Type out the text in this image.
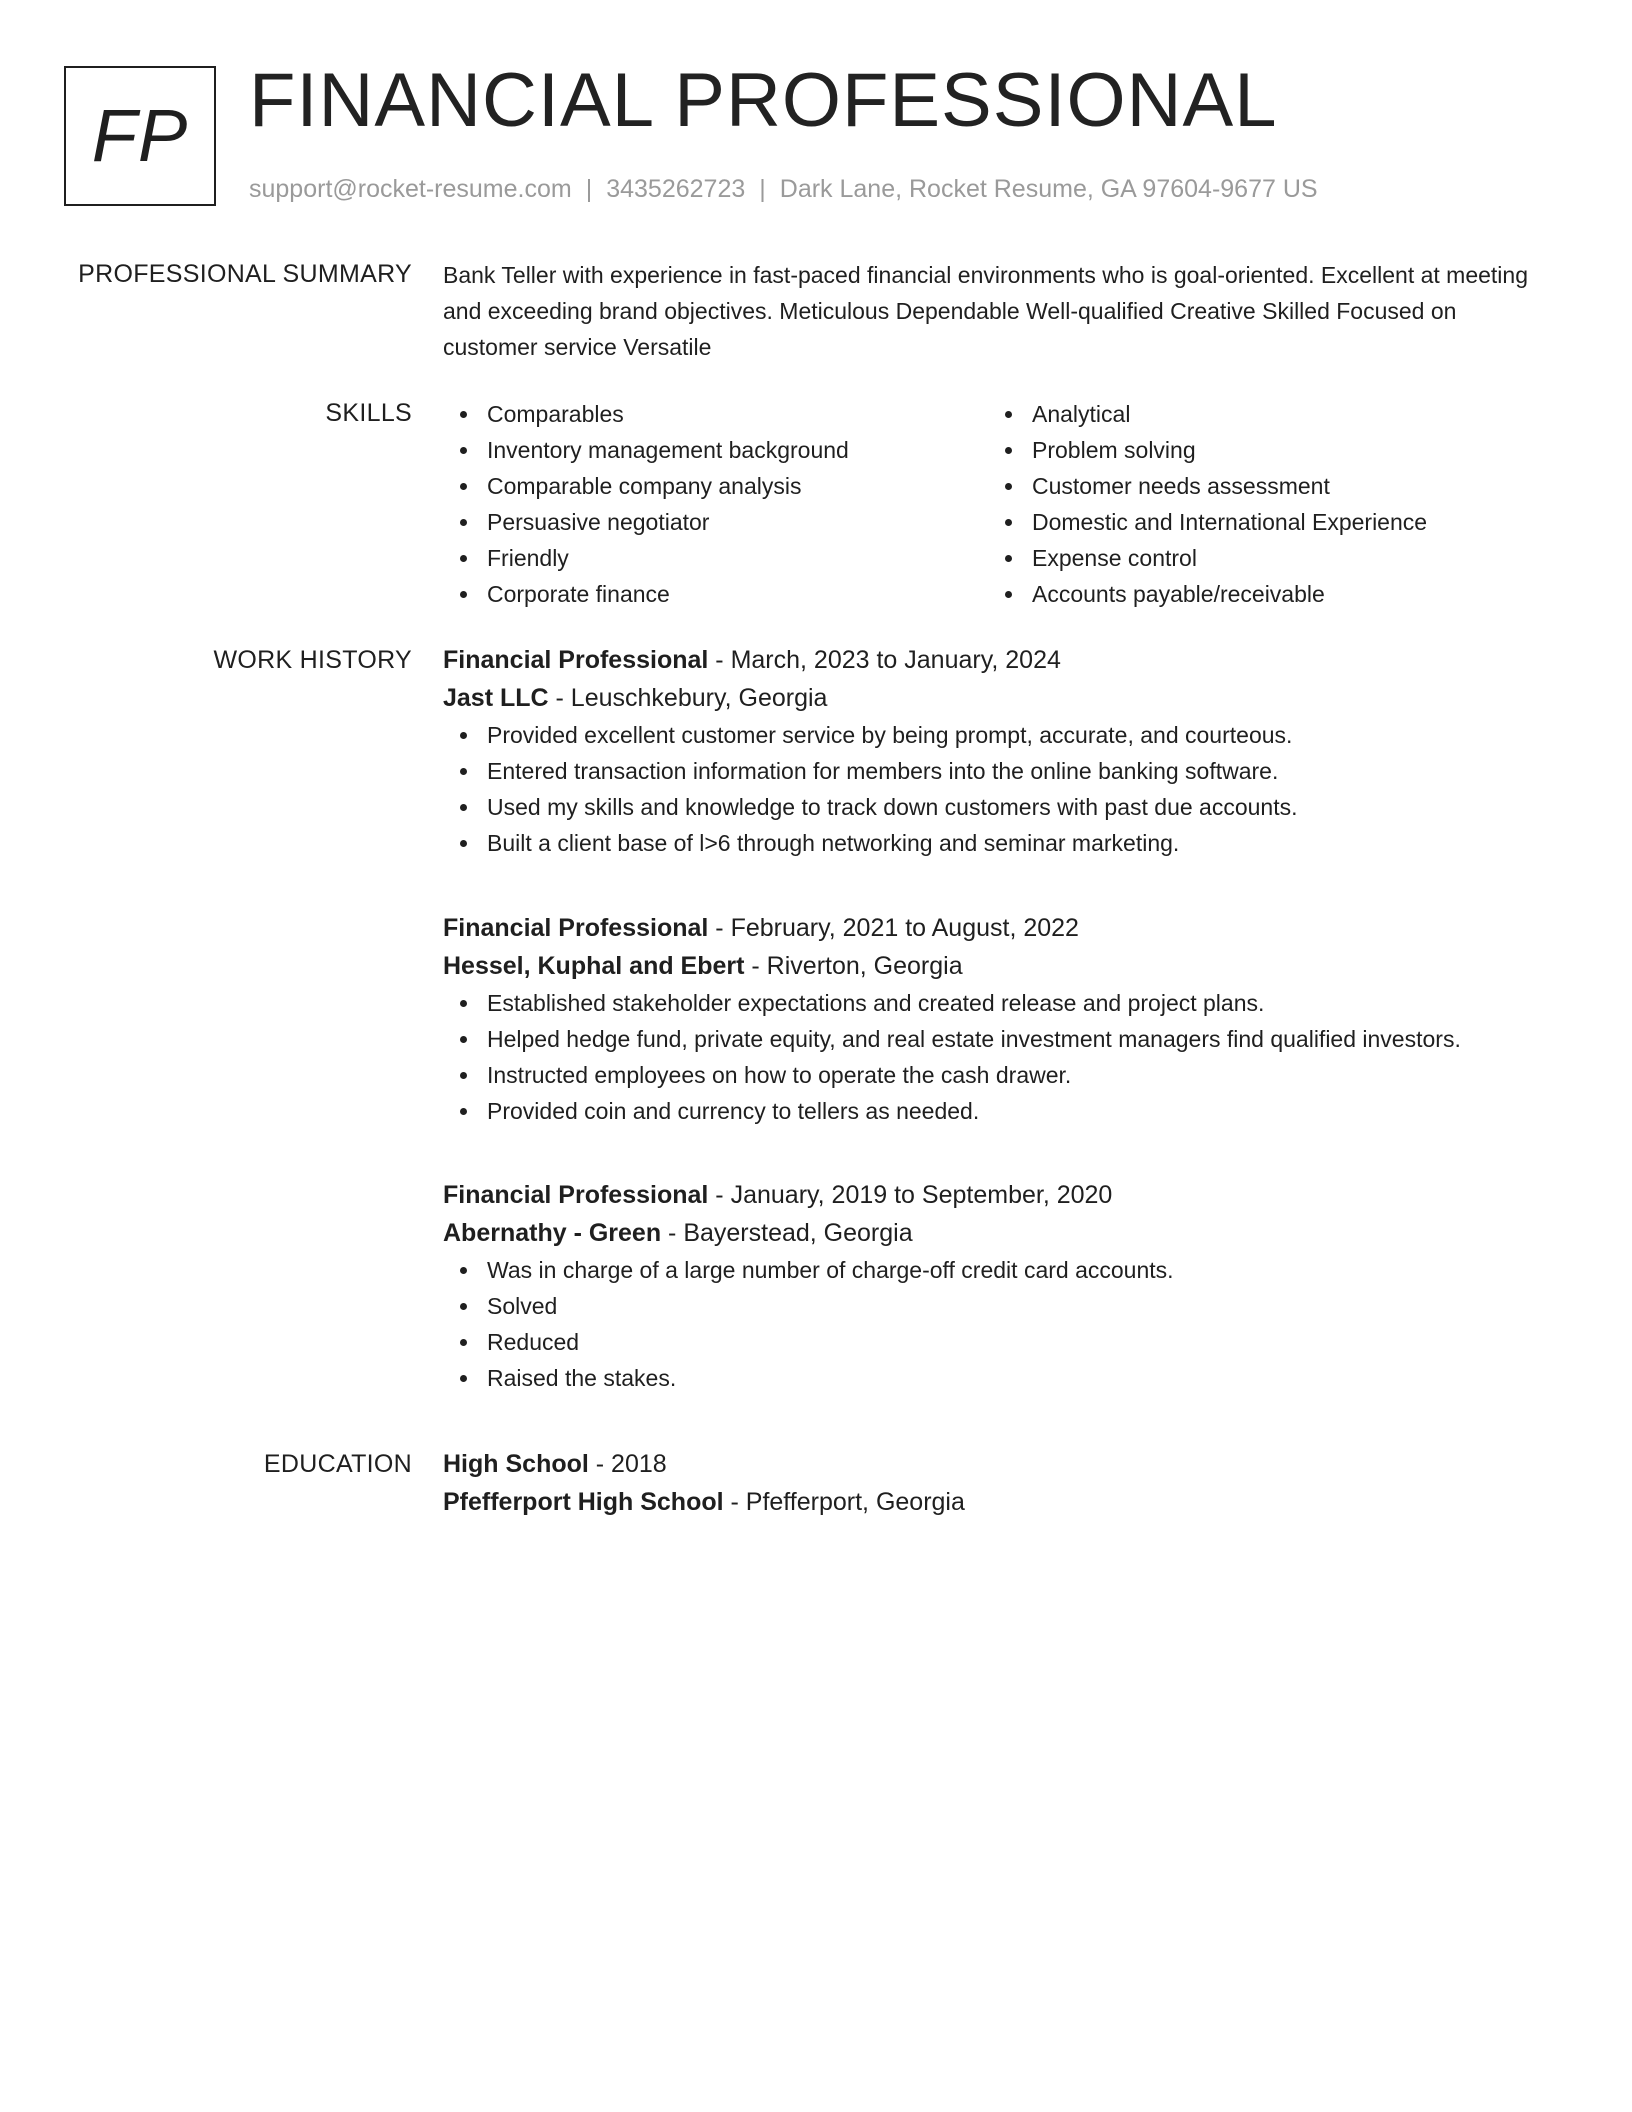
FP FINANCIAL PROFESSIONAL
support@rocket-resume.com | 3435262723 | Dark Lane, Rocket Resume, GA 97604-9677 US
PROFESSIONAL SUMMARY Bank Teller with experience in fast-paced financial environments who is goal-oriented. Excellent at meeting and exceeding brand objectives. Meticulous Dependable Well-qualified Creative Skilled Focused on customer service Versatile

SKILLS	Comparables
Inventory management background
Comparable company analysis
Persuasive negotiator
Friendly
Corporate finance
Analytical
Problem solving
Customer needs assessment
Domestic and International Experience
Expense control
Accounts payable/receivable
WORK HISTORY Financial Professional - March, 2023 to January, 2024
Jast LLC - Leuschkebury, Georgia
Provided excellent customer service by being prompt, accurate, and courteous.
Entered transaction information for members into the online banking software.
Used my skills and knowledge to track down customers with past due accounts.
Built a client base of l>6 through networking and seminar marketing.
Financial Professional - February, 2021 to August, 2022
Hessel, Kuphal and Ebert - Riverton, Georgia
Established stakeholder expectations and created release and project plans.
Helped hedge fund, private equity, and real estate investment managers find qualified investors.
Instructed employees on how to operate the cash drawer.
Provided coin and currency to tellers as needed.
Financial Professional - January, 2019 to September, 2020
Abernathy - Green - Bayerstead, Georgia
Was in charge of a large number of charge-off credit card accounts.
Solved
Reduced
Raised the stakes.
EDUCATION High School - 2018
Pfefferport High School - Pfefferport, Georgia
